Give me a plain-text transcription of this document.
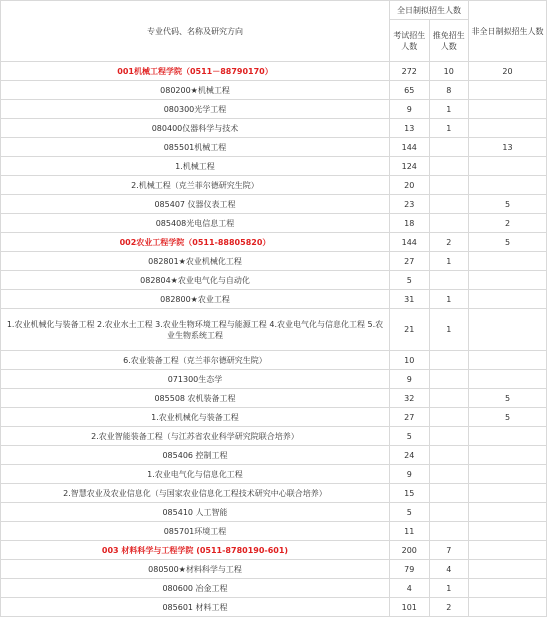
专业代码、名称及研究方向	全日制拟招生人数		非全日制拟招生人数
	考试招生人数	推免招生人数	
001机械工程学院（0511－88790170）	272	10	20
080200★机械工程	65	8	
080300光学工程	9	1	
080400仪器科学与技术	13	1	
085501机械工程	144		13
1.机械工程	124		
2.机械工程（克兰菲尔德研究生院）	20		
085407 仪器仪表工程	23		5
085408光电信息工程	18		2
002农业工程学院（0511-88805820）	144	2	5
082801★农业机械化工程	27	1	
082804★农业电气化与自动化	5		
082800★农业工程	31	1	
1.农业机械化与装备工程 2.农业水土工程 3.农业生物环境工程与能源工程 4.农业电气化与信息化工程 5.农业生物系统工程	21	1	
6.农业装备工程（克兰菲尔德研究生院）	10		
071300生态学	9		
085508 农机装备工程	32		5
1.农业机械化与装备工程	27		5
2.农业智能装备工程（与江苏省农业科学研究院联合培养）	5		
085406 控制工程	24		
1.农业电气化与信息化工程	9		
2.智慧农业及农业信息化（与国家农业信息化工程技术研究中心联合培养）	15		
085410 人工智能	5		
085701环境工程	11		
003 材料科学与工程学院 (0511-8780190-601)	200	7	
080500★材料科学与工程	79	4	
080600 冶金工程	4	1	
085601 材料工程	101	2	
